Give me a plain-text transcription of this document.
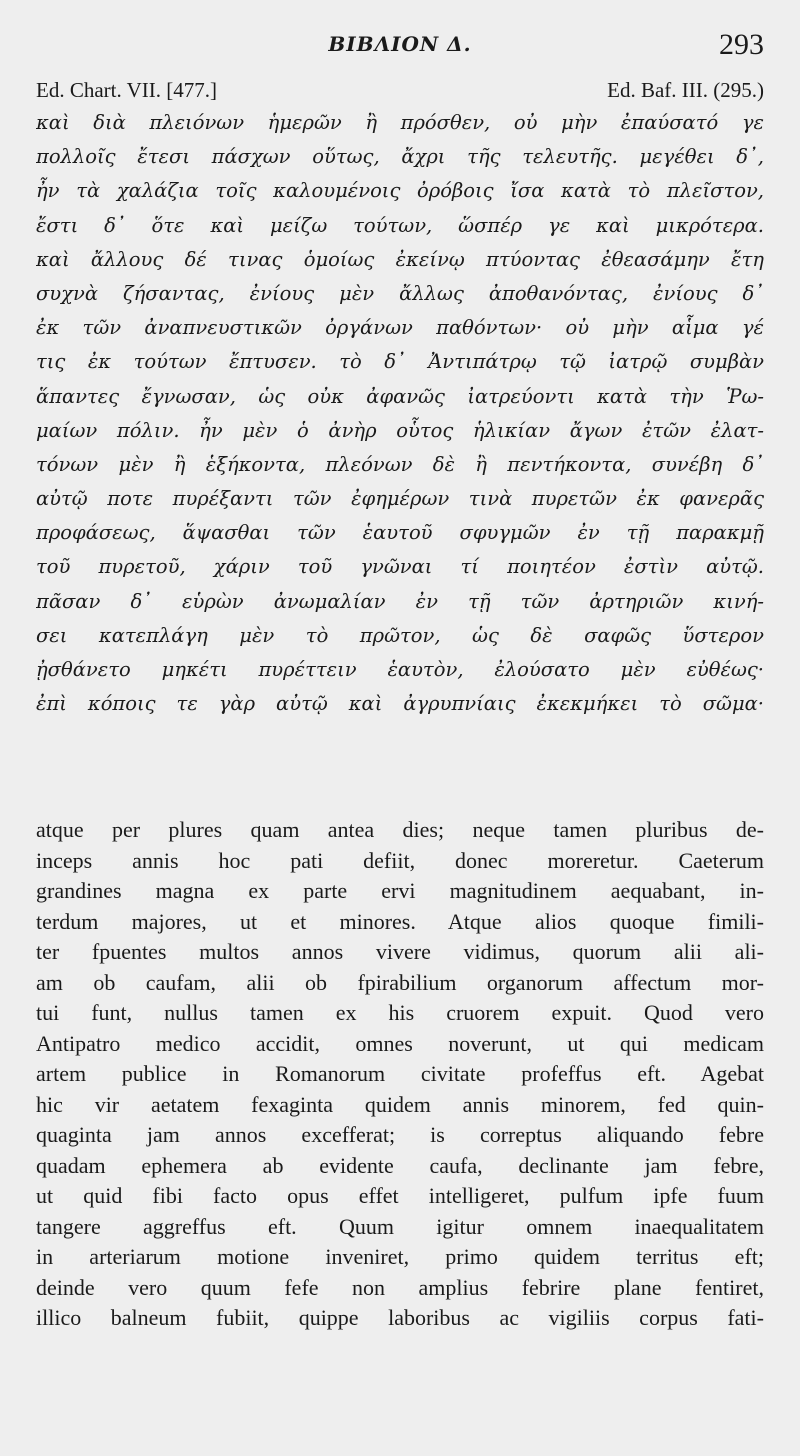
BIBΛIΟΝ Δ.	293
Ed. Chart. VII. [477.]	Ed. Baf. III. (295.)
καὶ διὰ πλειόνων ἡμερῶν ἢ πρόσθεν, οὐ μὴν ἐπαύσατό γε
πολλοῖς ἔτεσι πάσχων οὕτως, ἄχρι τῆς τελευτῆς. μεγέθει δ᾽,
ἦν τὰ χαλάζια τοῖς καλουμένοις ὀρόβοις ἴσα κατὰ τὸ πλεῖστον,
ἔστι δ᾽ ὅτε καὶ μείζω τούτων, ὥσπέρ γε καὶ μικρότερα.
καὶ ἄλλους δέ τινας ὁμοίως ἐκείνῳ πτύοντας ἐθεασάμην ἔτη
συχνὰ ζήσαντας, ἐνίους μὲν ἄλλως ἀποθανόντας, ἐνίους δ᾽
ἐκ τῶν ἀναπνευστικῶν ὀργάνων παθόντων· οὐ μὴν αἷμα γέ
τις ἐκ τούτων ἔπτυσεν. τὸ δ᾽ Ἀντιπάτρῳ τῷ ἰατρῷ συμβὰν
ἅπαντες ἔγνωσαν, ὡς οὐκ ἀφανῶς ἰατρεύοντι κατὰ τὴν Ῥω-
μαίων πόλιν. ἦν μὲν ὁ ἀνὴρ οὗτος ἡλικίαν ἄγων ἐτῶν ἐλατ-
τόνων μὲν ἢ ἑξήκοντα, πλεόνων δὲ ἢ πεντήκοντα, συνέβη δ᾽
αὐτῷ ποτε πυρέξαντι τῶν ἐφημέρων τινὰ πυρετῶν ἐκ φανερᾶς
προφάσεως, ἅψασθαι τῶν ἑαυτοῦ σφυγμῶν ἐν τῇ παρακμῇ
τοῦ πυρετοῦ, χάριν τοῦ γνῶναι τί ποιητέον ἐστὶν αὐτῷ.
πᾶσαν δ᾽ εὑρὼν ἀνωμαλίαν ἐν τῇ τῶν ἀρτηριῶν κινή-
σει κατεπλάγη μὲν τὸ πρῶτον, ὡς δὲ σαφῶς ὕστερον
ᾐσθάνετο μηκέτι πυρέττειν ἑαυτὸν, ἐλούσατο μὲν εὐθέως·
ἐπὶ κόποις τε γὰρ αὐτῷ καὶ ἀγρυπνίαις ἐκεκμήκει τὸ σῶμα·
atque per plures quam antea dies; neque tamen pluribus de-
inceps annis hoc pati defiit, donec moreretur. Caeterum
grandines magna ex parte ervi magnitudinem aequabant, in-
terdum majores, ut et minores. Atque alios quoque fimili-
ter fpuentes multos annos vivere vidimus, quorum alii ali-
am ob caufam, alii ob fpirabilium organorum affectum mor-
tui funt, nullus tamen ex his cruorem expuit. Quod vero
Antipatro medico accidit, omnes noverunt, ut qui medicam
artem publice in Romanorum civitate profeffus eft. Agebat
hic vir aetatem fexaginta quidem annis minorem, fed quin-
quaginta jam annos excefferat; is correptus aliquando febre
quadam ephemera ab evidente caufa, declinante jam febre,
ut quid fibi facto opus effet intelligeret, pulfum ipfe fuum
tangere aggreffus eft. Quum igitur omnem inaequalitatem
in arteriarum motione inveniret, primo quidem territus eft;
deinde vero quum fefe non amplius febrire plane fentiret,
illico balneum fubiit, quippe laboribus ac vigiliis corpus fati-
